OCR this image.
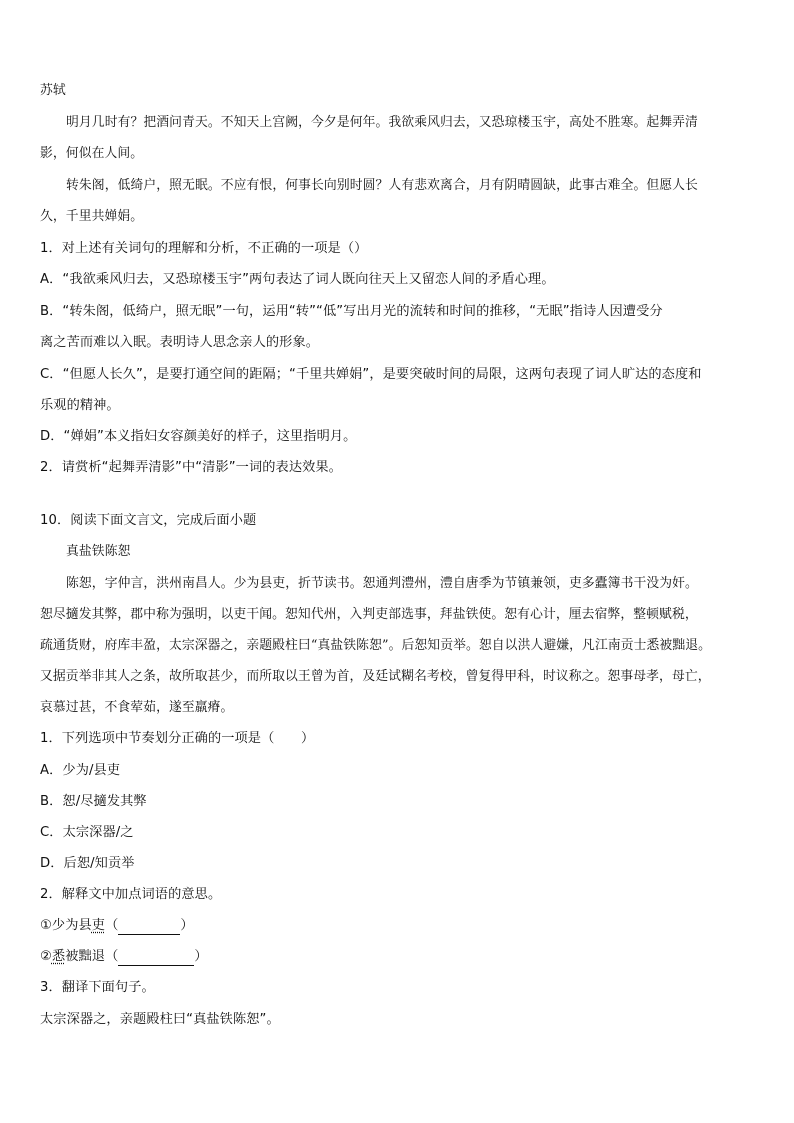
苏轼
明月几时有？把酒问青天。不知天上宫阙，今夕是何年。我欲乘风归去，又恐琼楼玉宇，高处不胜寒。起舞弄清
影，何似在人间。
转朱阁，低绮户，照无眠。不应有恨，何事长向别时圆？人有悲欢离合，月有阴晴圆缺，此事古难全。但愿人长
久，千里共婵娟。
1．对上述有关词句的理解和分析，不正确的一项是（）
A．“我欲乘风归去，又恐琼楼玉宇”两句表达了词人既向往天上又留恋人间的矛盾心理。
B．“转朱阁，低绮户，照无眠”一句，运用“转”“低”写出月光的流转和时间的推移，“无眠”指诗人因遭受分
离之苦而难以入眠。表明诗人思念亲人的形象。
C．“但愿人长久”，是要打通空间的距隔；“千里共婵娟”，是要突破时间的局限，这两句表现了词人旷达的态度和
乐观的精神。
D．“婵娟”本义指妇女容颜美好的样子，这里指明月。
2．请赏析“起舞弄清影”中“清影”一词的表达效果。
10．阅读下面文言文，完成后面小题
真盐铁陈恕
陈恕，字仲言，洪州南昌人。少为县吏，折节读书。恕通判澧州，澧自唐季为节镇兼领，吏多蠹簿书干没为奸。
恕尽擿发其弊，郡中称为强明，以吏干闻。恕知代州，入判吏部选事，拜盐铁使。恕有心计，厘去宿弊，整顿赋税，
疏通货财，府库丰盈，太宗深器之，亲题殿柱曰“真盐铁陈恕”。后恕知贡举。恕自以洪人避嫌，凡江南贡士悉被黜退。
又据贡举非其人之条，故所取甚少，而所取以王曾为首，及廷试糊名考校，曾复得甲科，时议称之。恕事母孝，母亡，
哀慕过甚，不食荤茹，遂至羸瘠。
1．下列选项中节奏划分正确的一项是（　　）
A．少为/县吏
B．恕/尽擿发其弊
C．太宗深器/之
D．后恕/知贡举
2．解释文中加点词语的意思。
①少为县吏（	）
②悉被黜退（	）
3．翻译下面句子。
太宗深器之，亲题殿柱曰“真盐铁陈恕”。
